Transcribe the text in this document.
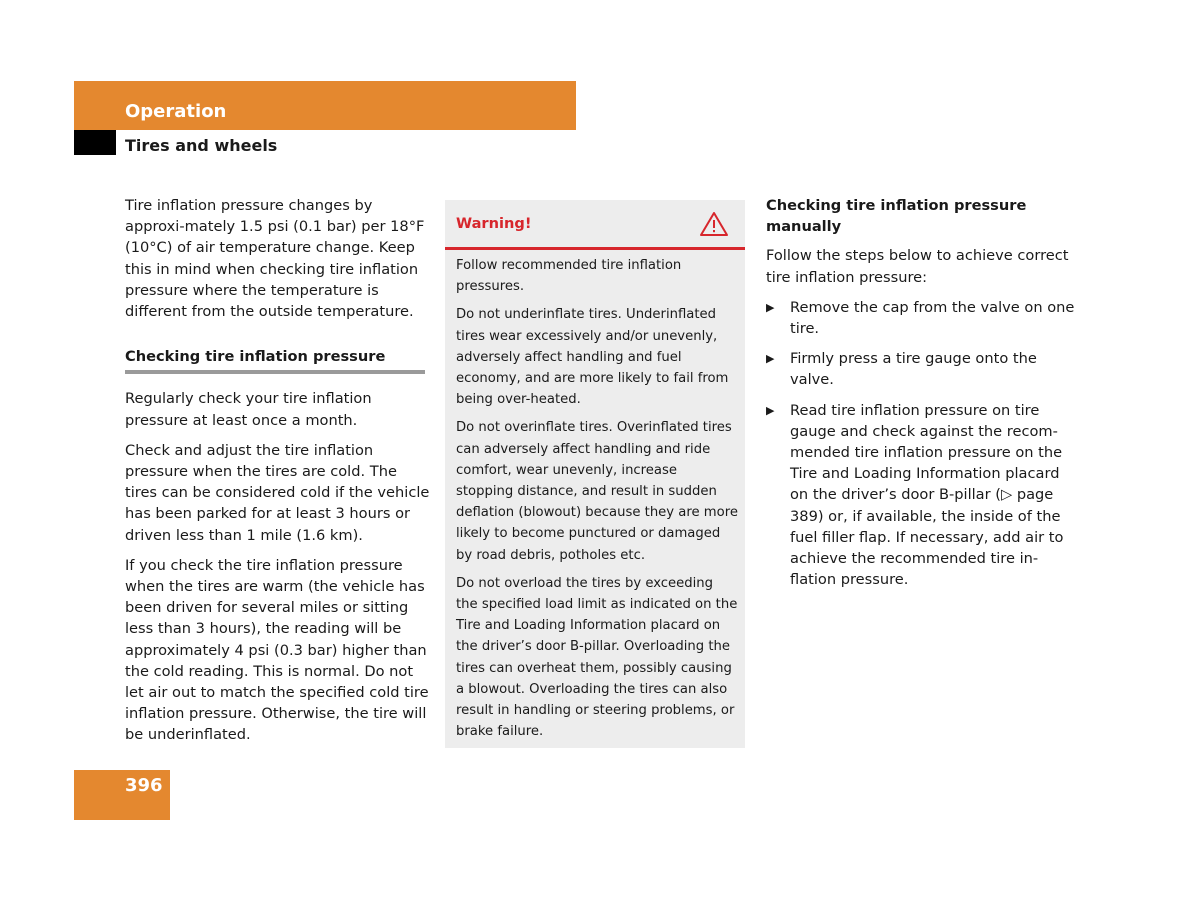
Operation
Tires and wheels

Tire inflation pressure changes by approxi-mately 1.5 psi (0.1 bar) per 18°F (10°C) of air temperature change. Keep this in mind when checking tire inflation pressure where the temperature is different from the outside temperature.

Checking tire inflation pressure

Regularly check your tire inflation pressure at least once a month.

Check and adjust the tire inflation pressure when the tires are cold. The tires can be considered cold if the vehicle has been parked for at least 3 hours or driven less than 1 mile (1.6 km).

If you check the tire inflation pressure when the tires are warm (the vehicle has been driven for several miles or sitting less than 3 hours), the reading will be approximately 4 psi (0.3 bar) higher than the cold reading. This is normal. Do not let air out to match the specified cold tire inflation pressure. Otherwise, the tire will be underinflated.

Warning!

Follow recommended tire inflation pressures.

Do not underinflate tires. Underinflated tires wear excessively and/or unevenly, adversely affect handling and fuel economy, and are more likely to fail from being over-heated.

Do not overinflate tires. Overinflated tires can adversely affect handling and ride comfort, wear unevenly, increase stopping distance, and result in sudden deflation (blowout) because they are more likely to become punctured or damaged by road debris, potholes etc.

Do not overload the tires by exceeding the specified load limit as indicated on the Tire and Loading Information placard on the driver’s door B-pillar. Overloading the tires can overheat them, possibly causing a blowout. Overloading the tires can also result in handling or steering problems, or brake failure.

Checking tire inflation pressure manually

Follow the steps below to achieve correct tire inflation pressure:

▶ Remove the cap from the valve on one tire.
▶ Firmly press a tire gauge onto the valve.
▶ Read tire inflation pressure on tire gauge and check against the recom-mended tire inflation pressure on the Tire and Loading Information placard on the driver’s door B-pillar (▷ page 389) or, if available, the inside of the fuel filler flap. If necessary, add air to achieve the recommended tire in-flation pressure.
396
